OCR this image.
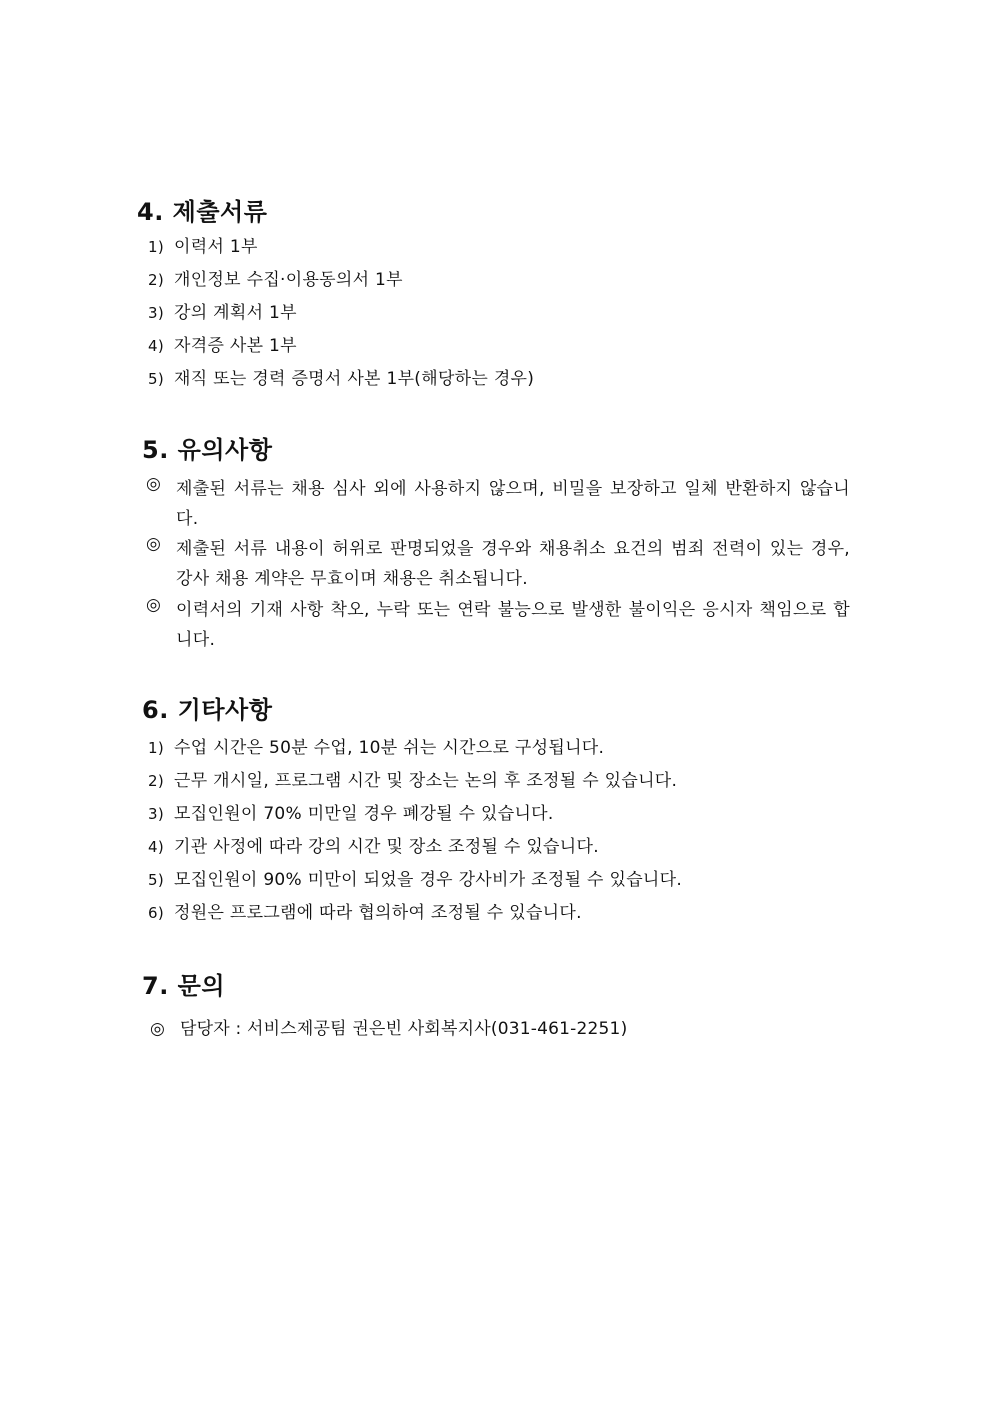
4. 제출서류
1) 이력서 1부
2) 개인정보 수집·이용동의서 1부
3) 강의 계획서 1부
4) 자격증 사본 1부
5) 재직 또는 경력 증명서 사본 1부(해당하는 경우)
5. 유의사항
◎ 제출된 서류는 채용 심사 외에 사용하지 않으며, 비밀을 보장하고 일체 반환하지 않습니다.
◎ 제출된 서류 내용이 허위로 판명되었을 경우와 채용취소 요건의 범죄 전력이 있는 경우, 강사 채용 계약은 무효이며 채용은 취소됩니다.
◎ 이력서의 기재 사항 착오, 누락 또는 연락 불능으로 발생한 불이익은 응시자 책임으로 합니다.
6. 기타사항
1) 수업 시간은 50분 수업, 10분 쉬는 시간으로 구성됩니다.
2) 근무 개시일, 프로그램 시간 및 장소는 논의 후 조정될 수 있습니다.
3) 모집인원이 70% 미만일 경우 폐강될 수 있습니다.
4) 기관 사정에 따라 강의 시간 및 장소 조정될 수 있습니다.
5) 모집인원이 90% 미만이 되었을 경우 강사비가 조정될 수 있습니다.
6) 정원은 프로그램에 따라 협의하여 조정될 수 있습니다.
7. 문의
◎ 담당자 : 서비스제공팀 권은빈 사회복지사(031-461-2251)
